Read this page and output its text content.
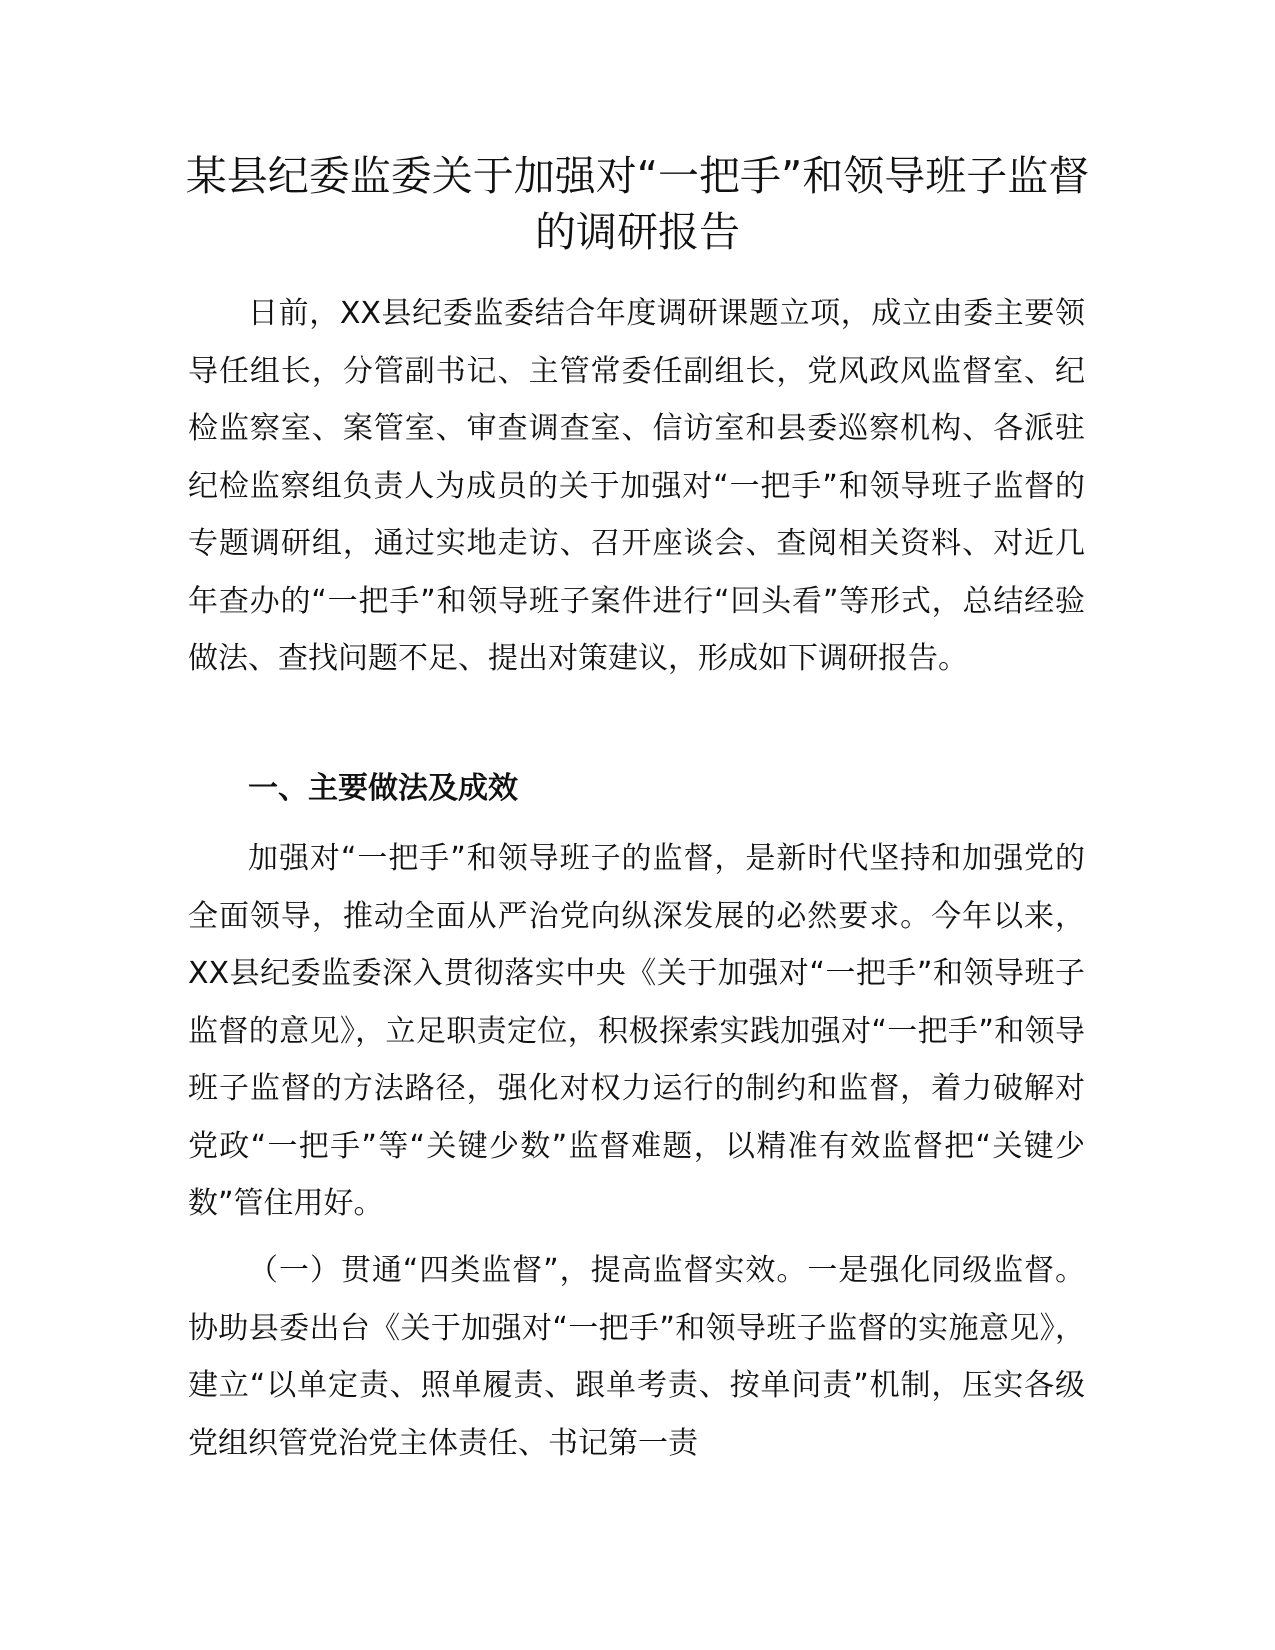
某县纪委监委关于加强对“一把手”和领导班子监督的调研报告

日前，XX县纪委监委结合年度调研课题立项，成立由委主要领导任组长，分管副书记、主管常委任副组长，党风政风监督室、纪检监察室、案管室、审查调查室、信访室和县委巡察机构、各派驻纪检监察组负责人为成员的关于加强对“一把手”和领导班子监督的专题调研组，通过实地走访、召开座谈会、查阅相关资料、对近几年查办的“一把手”和领导班子案件进行“回头看”等形式，总结经验做法、查找问题不足、提出对策建议，形成如下调研报告。

一、主要做法及成效

加强对“一把手”和领导班子的监督，是新时代坚持和加强党的全面领导，推动全面从严治党向纵深发展的必然要求。今年以来，XX县纪委监委深入贯彻落实中央《关于加强对“一把手”和领导班子监督的意见》，立足职责定位，积极探索实践加强对“一把手”和领导班子监督的方法路径，强化对权力运行的制约和监督，着力破解对党政“一把手”等“关键少数”监督难题，以精准有效监督把“关键少数”管住用好。

（一）贯通“四类监督”，提高监督实效。一是强化同级监督。协助县委出台《关于加强对“一把手”和领导班子监督的实施意见》，建立“以单定责、照单履责、跟单考责、按单问责”机制，压实各级党组织管党治党主体责任、书记第一责
